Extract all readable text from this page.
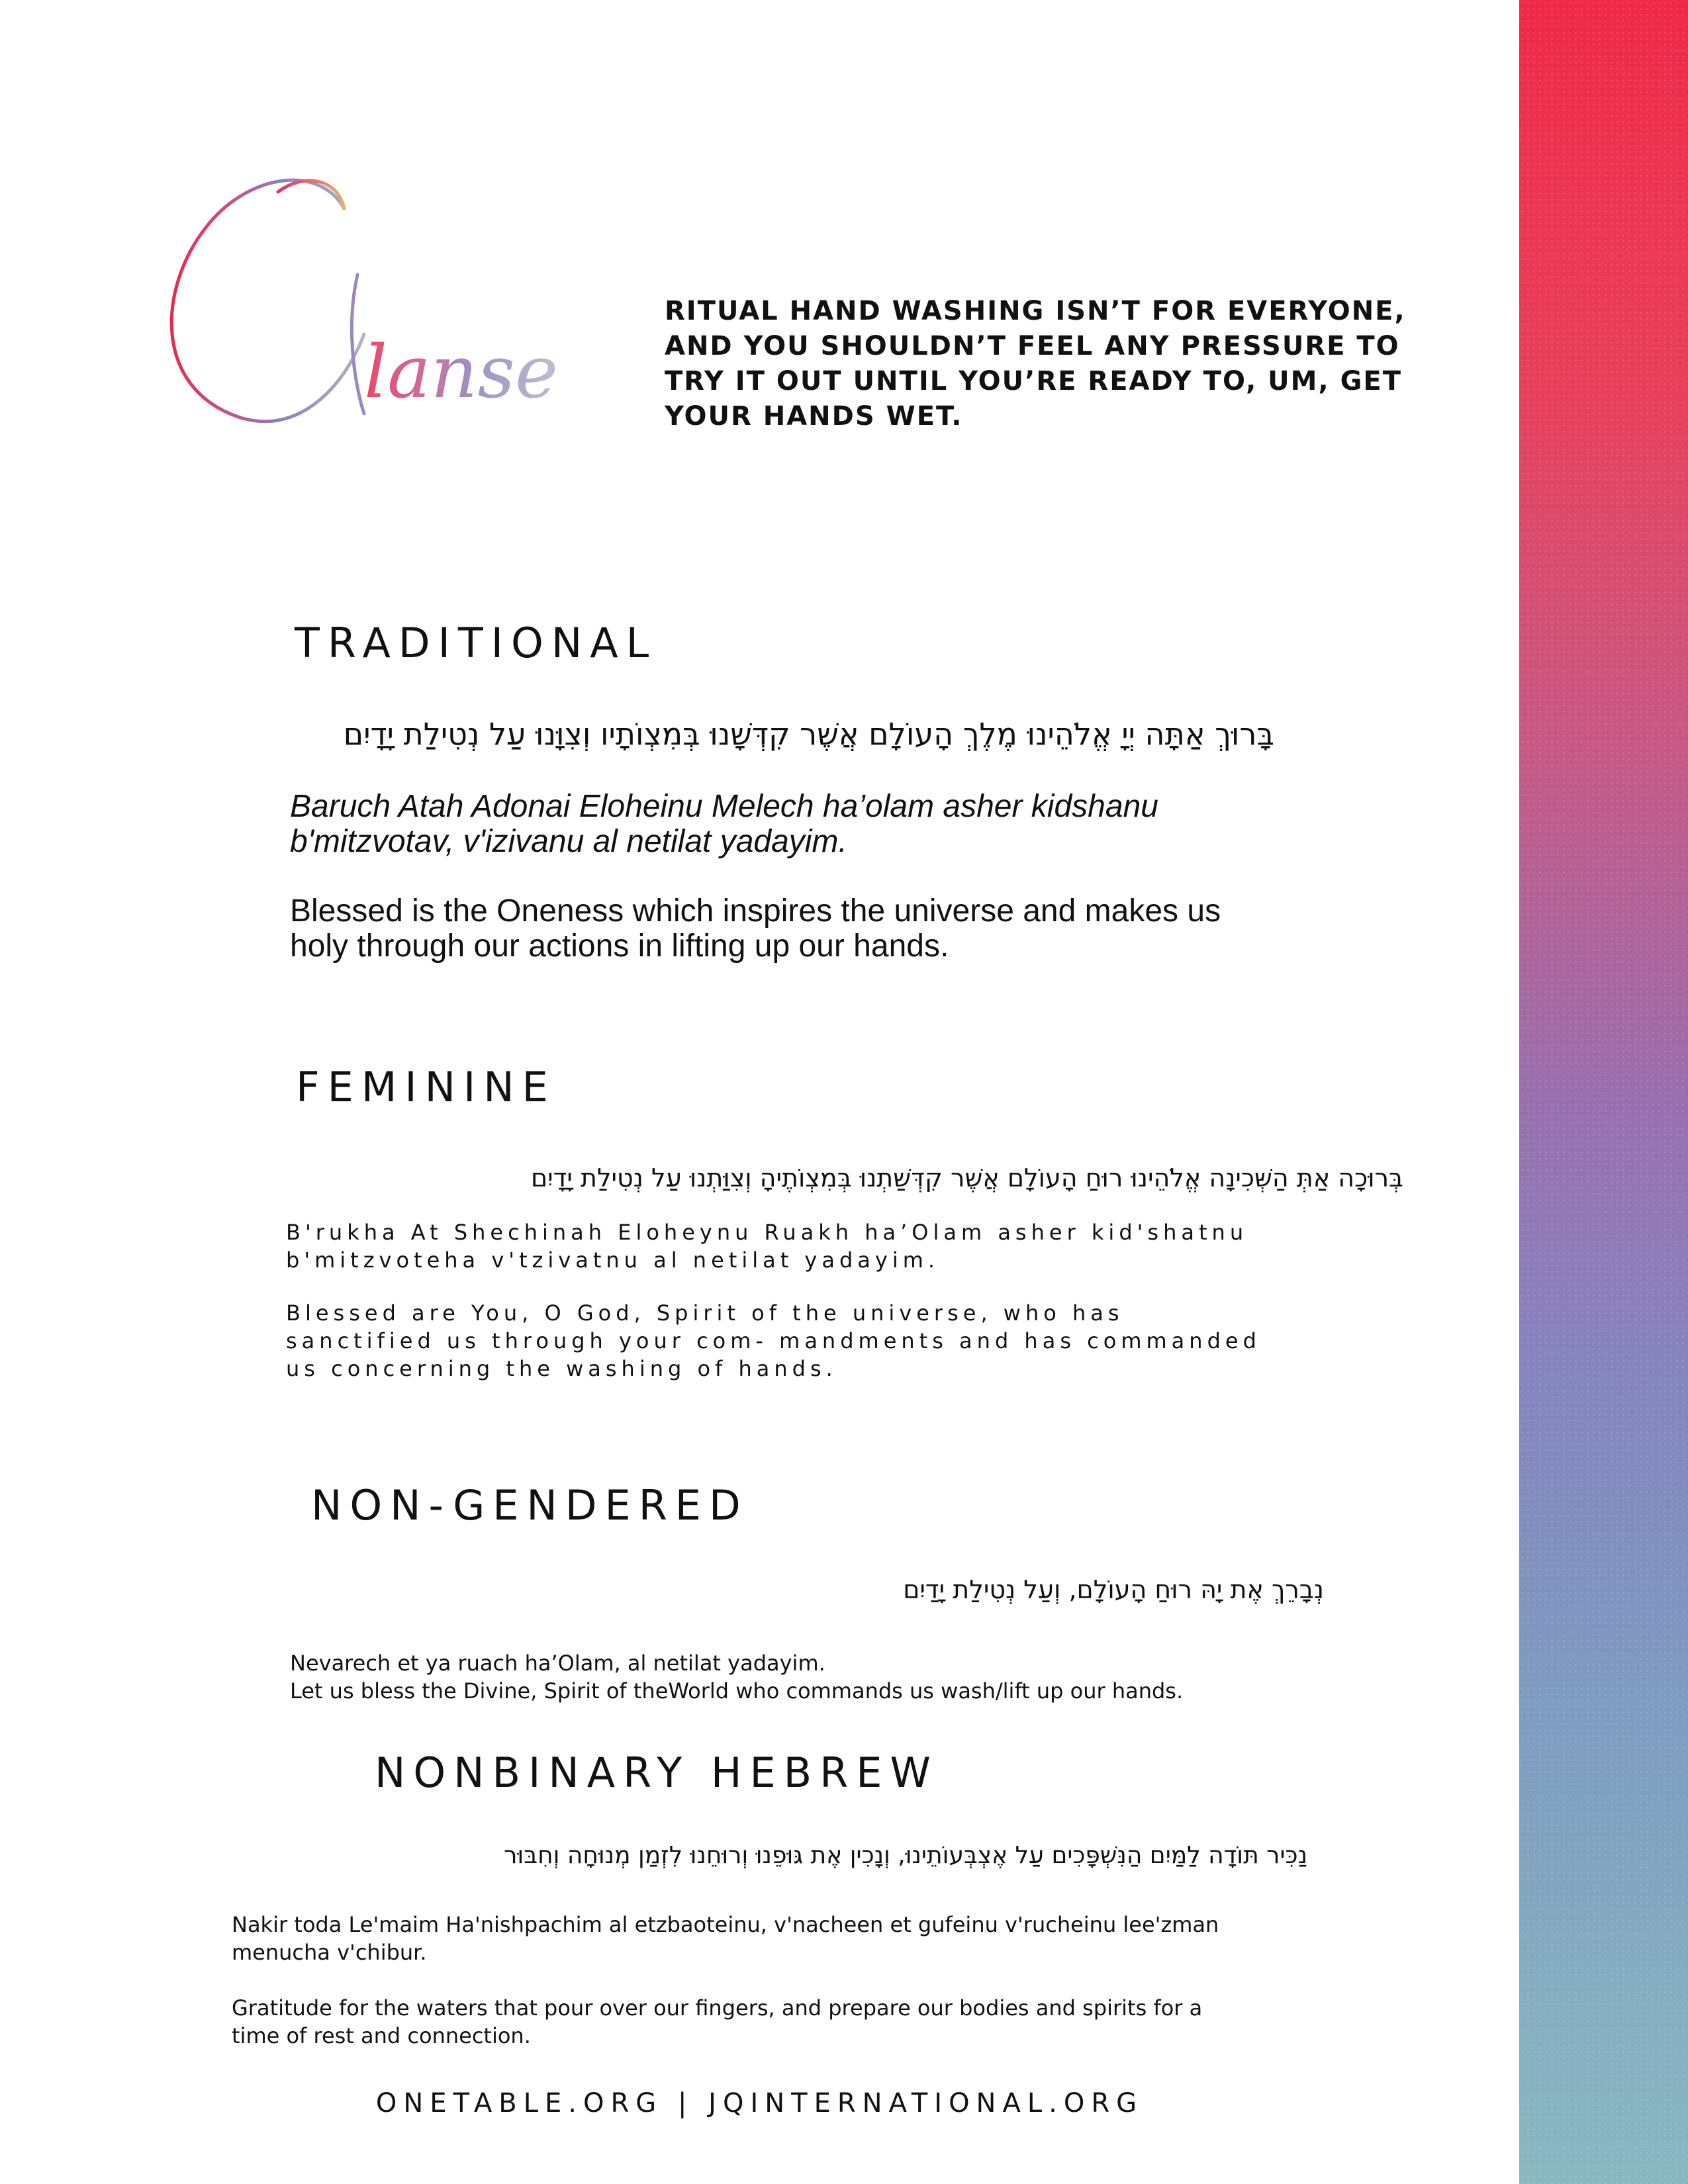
Cleanse lanse
RITUAL HAND WASHING ISN’T FOR EVERYONE, AND YOU SHOULDN’T FEEL ANY PRESSURE TO TRY IT OUT UNTIL YOU’RE READY TO, UM, GET YOUR HANDS WET.
TRADITIONAL
בָּרוּךְ אַתָּה יְיָ אֱלֹהֵינוּ מֶלֶךְ הָעוֹלָם אֲשֶׁר קִדְּשָׁנוּ בְּמִצְוֹתָיו וְצִוָּנוּ עַל נְטִילַת יָדָיִם
Baruch Atah Adonai Eloheinu Melech ha’olam asher kidshanu
b'mitzvotav, v'izivanu al netilat yadayim.
Blessed is the Oneness which inspires the universe and makes us
holy through our actions in lifting up our hands.
FEMININE
בְּרוּכָה אַתְּ הַשְּׁכִינָה אֱלֹהֵינוּ רוּחַ הָעוֹלָם אֲשֶׁר קִדְּשַׁתְנוּ בְּמִצְוֹתֶיהָ וְצִוַּתְנוּ עַל נְטִילַת יָדָיִם
B'rukha At Shechinah Eloheynu Ruakh ha’Olam asher kid'shatnu
b'mitzvoteha v'tzivatnu al netilat yadayim.
Blessed are You, O God, Spirit of the universe, who has
sanctified us through your com- mandments and has commanded
us concerning the washing of hands.
NON-GENDERED
נְבָרֵךְ אֶת יָהּ רוּחַ הָעוֹלָם, וְעַל נְטִילַת יָדַיִם
Nevarech et ya ruach ha’Olam, al netilat yadayim.
Let us bless the Divine, Spirit of theWorld who commands us wash/lift up our hands.
NONBINARY HEBREW
נַכִּיר תּוֹדָה לַמַּיִם הַנִּשְׁפָּכִים עַל אֶצְבְּעוֹתֵינוּ, וְנָכִין אֶת גּוּפֵנוּ וְרוּחֵנוּ לִזְמַן מְנוּחָה וְחִבּוּר
Nakir toda Le'maim Ha'nishpachim al etzbaoteinu, v'nacheen et gufeinu v'rucheinu lee'zman
menucha v'chibur.
Gratitude for the waters that pour over our fingers, and prepare our bodies and spirits for a
time of rest and connection.
ONETABLE.ORG | JQINTERNATIONAL.ORG
